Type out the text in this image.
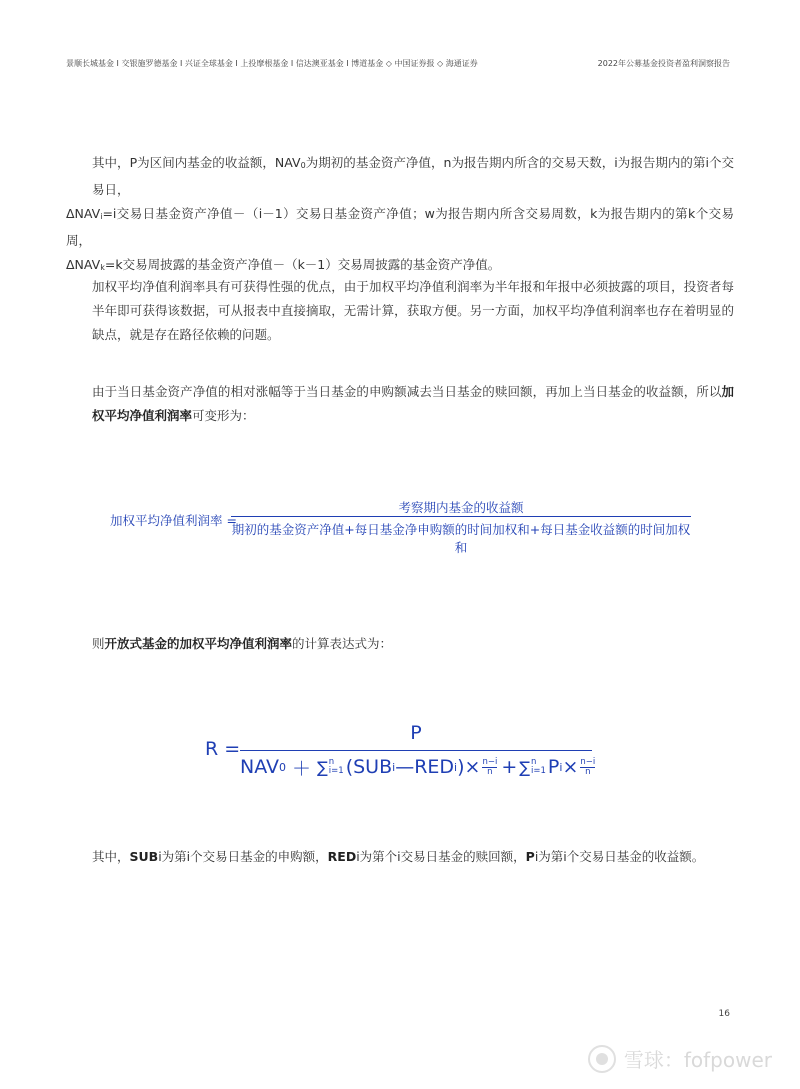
景顺长城基金 I 交银施罗德基金 I 兴证全球基金 I 上投摩根基金 I 信达澳亚基金 I 博道基金 ◇ 中国证券报 ◇ 海通证券	2022年公募基金投资者盈利洞察报告

其中，P为区间内基金的收益额，$NAV_0$为期初的基金资产净值，n为报告期内所含的交易天数，i为报告期内的第i个交易日，

$\Delta NAV_i=i$交易日基金资产净值－（i－1）交易日基金资产净值；w为报告期内所含交易周数，k为报告期内的第k个交易周，

$\Delta NAV_k=k$交易周披露的基金资产净值－（k－1）交易周披露的基金资产净值。

加权平均净值利润率具有可获得性强的优点，由于加权平均净值利润率为半年报和年报中必须披露的项目，投资者每半年即可获得该数据，可从报表中直接摘取，无需计算，获取方便。另一方面，加权平均净值利润率也存在着明显的缺点，就是存在路径依赖的问题。

由于当日基金资产净值的相对涨幅等于当日基金的申购额减去当日基金的赎回额，再加上当日基金的收益额，所以加权平均净值利润率可变形为：

加权平均净值利润率 =
考察期内基金的收益额
期初的基金资产净值+每日基金净申购额的时间加权和+每日基金收益额的时间加权和

则开放式基金的加权平均净值利润率的计算表达式为：

R =
P
NAV 0 ＋ ∑ n
i=1 (SUB i —RED i ) × $\frac{n-i}{n}$ + ∑ n
i=1 P $i \times \frac{n-i}{n}$

其中，SUBi为第i个交易日基金的申购额，REDi为第个i交易日基金的赎回额，Pi为第i个交易日基金的收益额。

16
雪球：fofpower
